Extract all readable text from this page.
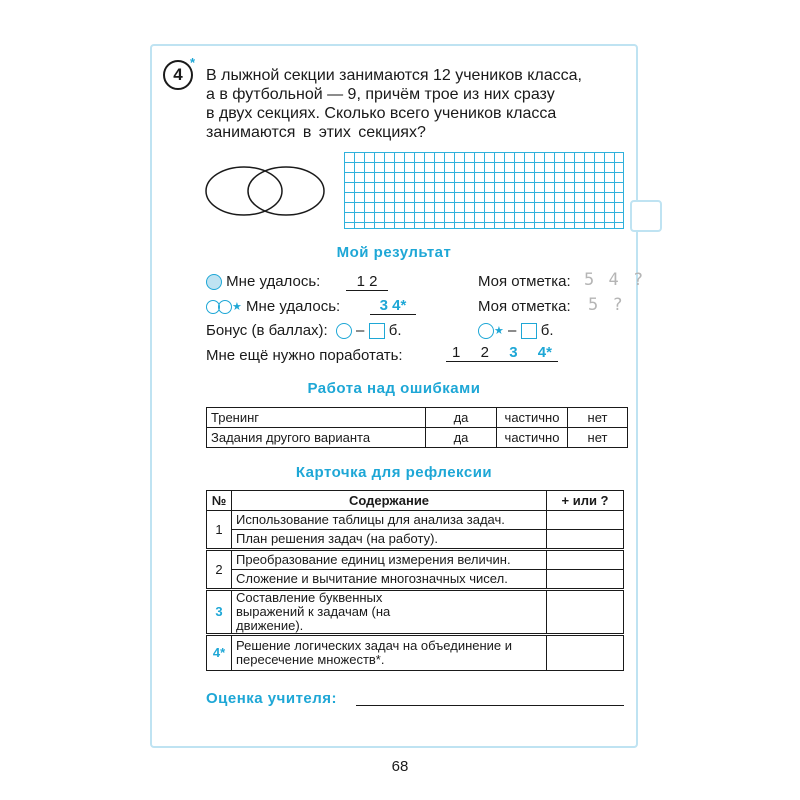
4
*
В лыжной секции занимаются 12 учеников класса,
а в футбольной — 9, причём трое из них сразу
в двух секциях. Сколько всего учеников класса
занимаются в этих секциях?
Мой результат
Мне удалось: 1 2	Моя отметка: 5 4 ?
★ Мне удалось:	3 4*	Моя отметка: 5 ?
Бонус (в баллах): – б.	★ – б.
Мне ещё нужно поработать:	1 2 3 4*
Работа над ошибками
Тренинг	да	частично	нет
Задания другого варианта	да	частично	нет
Карточка для рефлексии
№	Содержание	+ или ?
1	Использование таблицы для анализа задач.	
	План решения задач (на работу).	
2	Преобразование единиц измерения величин.	
	Сложение и вычитание многозначных чисел.	
3	Составление буквенных выражений к задачам (на движение).	
4*	Решение логических задач на объединение и пересечение множеств*.	
Оценка учителя:
68
